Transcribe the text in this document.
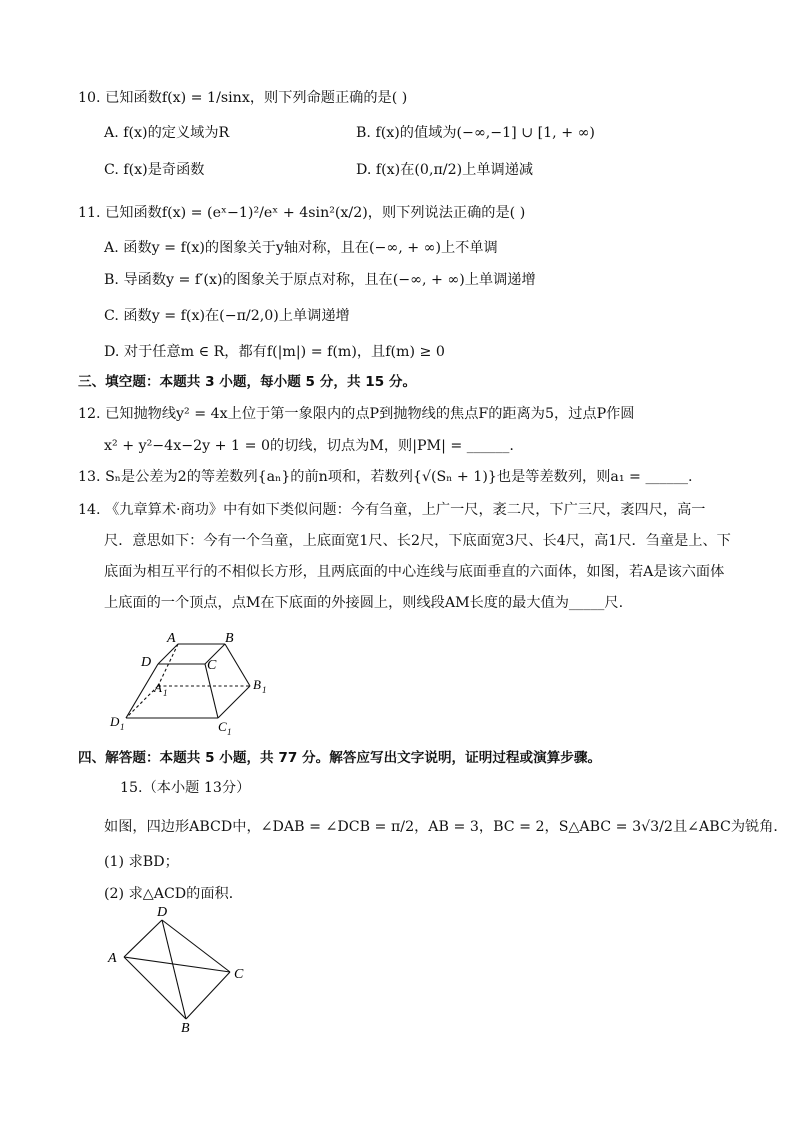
10. 已知函数f(x) = 1/sinx，则下列命题正确的是( )
A. f(x)的定义域为R	B. f(x)的值域为(−∞,−1] ∪ [1, + ∞)
C. f(x)是奇函数	D. f(x)在(0,π/2)上单调递减
11. 已知函数f(x) = (eˣ−1)²/eˣ + 4sin²(x/2)，则下列说法正确的是( )
A. 函数y = f(x)的图象关于y轴对称，且在(−∞, + ∞)上不单调
B. 导函数y = f′(x)的图象关于原点对称，且在(−∞, + ∞)上单调递增
C. 函数y = f(x)在(−π/2,0)上单调递增
D. 对于任意m ∈ R，都有f(|m|) = f(m)，且f(m) ≥ 0
三、填空题：本题共 3 小题，每小题 5 分，共 15 分。
12. 已知抛物线y² = 4x上位于第一象限内的点P到抛物线的焦点F的距离为5，过点P作圆
x² + y²−4x−2y + 1 = 0的切线，切点为M，则|PM| = ______.
13. Sₙ是公差为2的等差数列{aₙ}的前n项和，若数列{√(Sₙ + 1)}也是等差数列，则a₁ = ______.
14. 《九章算术·商功》中有如下类似问题：今有刍童，上广一尺，袤二尺，下广三尺，袤四尺，高一
尺．意思如下：今有一个刍童，上底面宽1尺、长2尺，下底面宽3尺、长4尺，高1尺．刍童是上、下
底面为相互平行的不相似长方形，且两底面的中心连线与底面垂直的六面体，如图，若A是该六面体
上底面的一个顶点，点M在下底面的外接圆上，则线段AM长度的最大值为_____尺.
A	B
C
D
A 1
B 1
C 1
D 1
四、解答题：本题共 5 小题，共 77 分。解答应写出文字说明，证明过程或演算步骤。
15.（本小题 13分）
如图，四边形ABCD中，∠DAB = ∠DCB = π/2，AB = 3，BC = 2，S△ABC = 3√3/2且∠ABC为锐角．
(1) 求BD；
(2) 求△ACD的面积．
A
D
C
B
